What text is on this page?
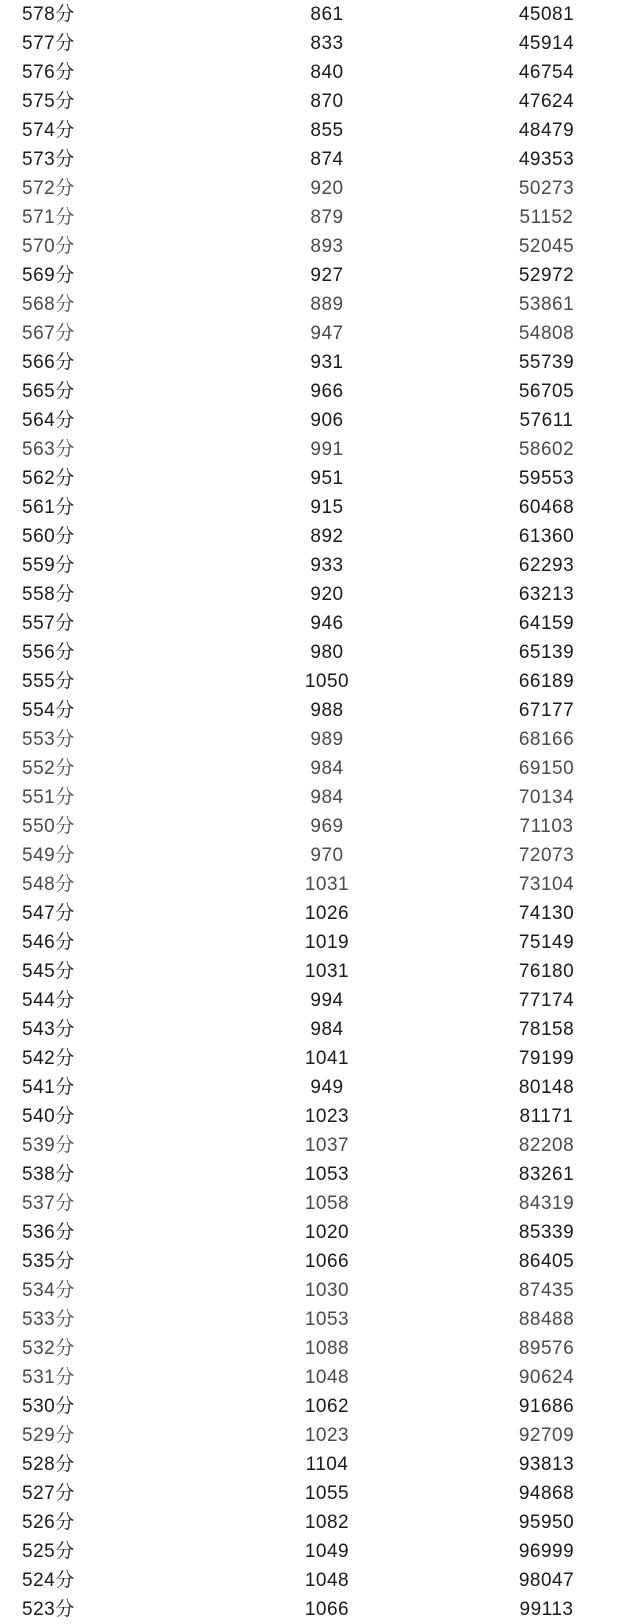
578分	861	45081
577分	833	45914
576分	840	46754
575分	870	47624
574分	855	48479
573分	874	49353
572分	920	50273
571分	879	51152
570分	893	52045
569分	927	52972
568分	889	53861
567分	947	54808
566分	931	55739
565分	966	56705
564分	906	57611
563分	991	58602
562分	951	59553
561分	915	60468
560分	892	61360
559分	933	62293
558分	920	63213
557分	946	64159
556分	980	65139
555分	1050	66189
554分	988	67177
553分	989	68166
552分	984	69150
551分	984	70134
550分	969	71103
549分	970	72073
548分	1031	73104
547分	1026	74130
546分	1019	75149
545分	1031	76180
544分	994	77174
543分	984	78158
542分	1041	79199
541分	949	80148
540分	1023	81171
539分	1037	82208
538分	1053	83261
537分	1058	84319
536分	1020	85339
535分	1066	86405
534分	1030	87435
533分	1053	88488
532分	1088	89576
531分	1048	90624
530分	1062	91686
529分	1023	92709
528分	1104	93813
527分	1055	94868
526分	1082	95950
525分	1049	96999
524分	1048	98047
523分	1066	99113
